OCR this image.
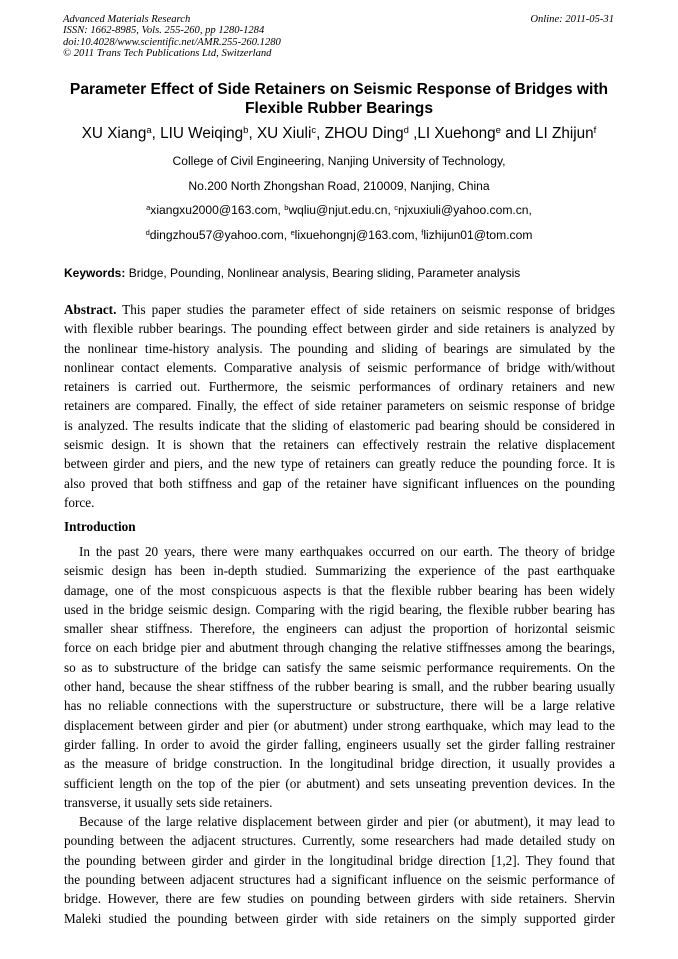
Advanced Materials Research
ISSN: 1662-8985, Vols. 255-260, pp 1280-1284
doi:10.4028/www.scientific.net/AMR.255-260.1280
© 2011 Trans Tech Publications Ltd, Switzerland
Online: 2011-05-31
Parameter Effect of Side Retainers on Seismic Response of Bridges with
Flexible Rubber Bearings
XU Xiang$^a$, LIU Weiqing$^b$, XU Xiuli$^c$, ZHOU Ding$^d$ ,LI Xuehong$^e$ and LI Zhijun$^f$
College of Civil Engineering, Nanjing University of Technology,
No.200 North Zhongshan Road, 210009, Nanjing, China
$^a$xiangxu2000@163.com, $^b$wqliu@njut.edu.cn, $^c$njxuxiuli@yahoo.com.cn,
$^d$dingzhou57@yahoo.com, $^e$lixuehongnj@163.com, $^f$lizhijun01@tom.com
Keywords: Bridge, Pounding, Nonlinear analysis, Bearing sliding, Parameter analysis
Abstract. This paper studies the parameter effect of side retainers on seismic response of bridges
with flexible rubber bearings. The pounding effect between girder and side retainers is analyzed by
the nonlinear time-history analysis. The pounding and sliding of bearings are simulated by the
nonlinear contact elements. Comparative analysis of seismic performance of bridge with/without
retainers is carried out. Furthermore, the seismic performances of ordinary retainers and new
retainers are compared. Finally, the effect of side retainer parameters on seismic response of bridge
is analyzed. The results indicate that the sliding of elastomeric pad bearing should be considered in
seismic design. It is shown that the retainers can effectively restrain the relative displacement
between girder and piers, and the new type of retainers can greatly reduce the pounding force. It is
also proved that both stiffness and gap of the retainer have significant influences on the pounding
force.
Introduction
In the past 20 years, there were many earthquakes occurred on our earth. The theory of bridge
seismic design has been in-depth studied. Summarizing the experience of the past earthquake
damage, one of the most conspicuous aspects is that the flexible rubber bearing has been widely
used in the bridge seismic design. Comparing with the rigid bearing, the flexible rubber bearing has
smaller shear stiffness. Therefore, the engineers can adjust the proportion of horizontal seismic
force on each bridge pier and abutment through changing the relative stiffnesses among the bearings,
so as to substructure of the bridge can satisfy the same seismic performance requirements. On the
other hand, because the shear stiffness of the rubber bearing is small, and the rubber bearing usually
has no reliable connections with the superstructure or substructure, there will be a large relative
displacement between girder and pier (or abutment) under strong earthquake, which may lead to the
girder falling. In order to avoid the girder falling, engineers usually set the girder falling restrainer
as the measure of bridge construction. In the longitudinal bridge direction, it usually provides a
sufficient length on the top of the pier (or abutment) and sets unseating prevention devices. In the
transverse, it usually sets side retainers.
Because of the large relative displacement between girder and pier (or abutment), it may lead to
pounding between the adjacent structures. Currently, some researchers had made detailed study on
the pounding between girder and girder in the longitudinal bridge direction [1,2]. They found that
the pounding between adjacent structures had a significant influence on the seismic performance of
bridge. However, there are few studies on pounding between girders with side retainers. Shervin
Maleki studied the pounding between girder with side retainers on the simply supported girder
